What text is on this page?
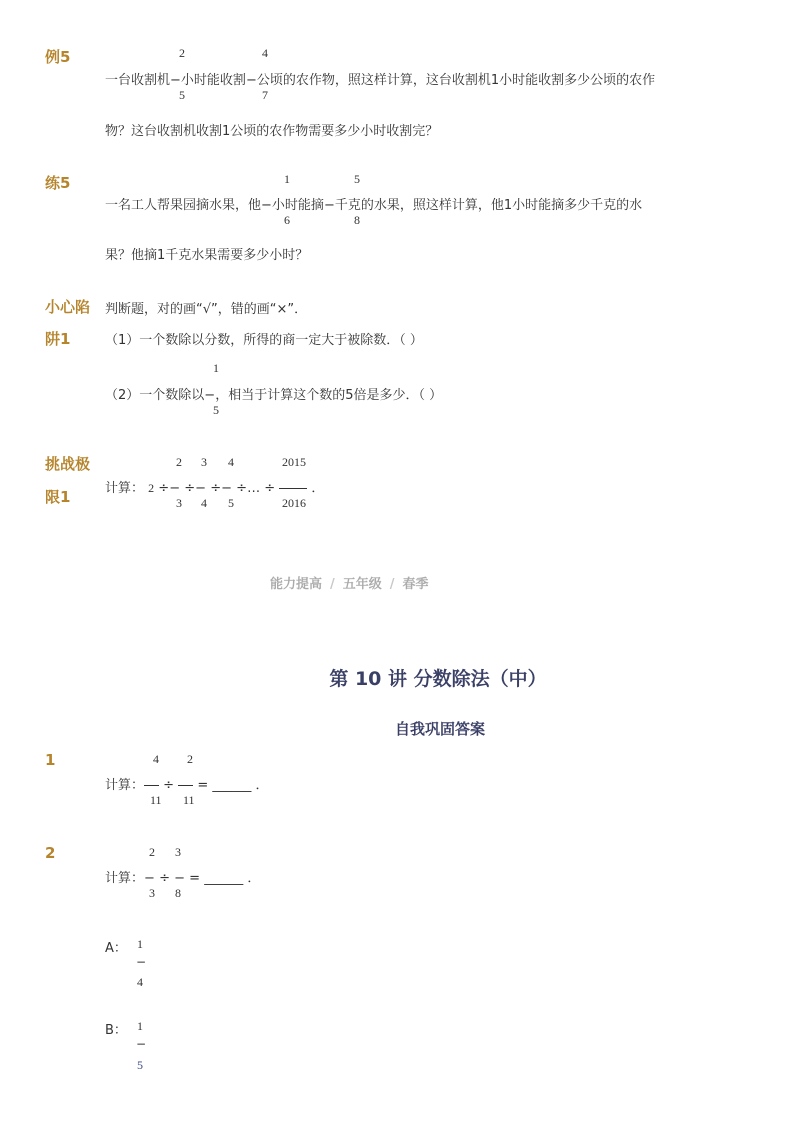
例5	2	4
一台收割机−小时能收割−公顷的农作物，照这样计算，这台收割机1小时能收割多少公顷的农作
5	7
物？这台收割机收割1公顷的农作物需要多少小时收割完？
练5	1	5
一名工人帮果园摘水果，他−小时能摘−千克的水果，照这样计算，他1小时能摘多少千克的水
6	8
果？他摘1千克水果需要多少小时？
小心陷
阱1
判断题，对的画“√”，错的画“×”．
（1）一个数除以分数，所得的商一定大于被除数．（ ）
1
（2）一个数除以−，相当于计算这个数的5倍是多少．（ ）
5
挑战极
限1
2 3 4	2015
计算： 2 ÷− ÷− ÷− ÷… ÷	．
3 4 5	2016
能力提高 / 五年级 / 春季
第 10 讲 分数除法（中）
自我巩固答案
1	4 2
计算： ÷ = ______ ．
11 11
2	2 3
计算：− ÷ − = ______ ．
3 8
A： 1
−
4
B： 1
−
5
